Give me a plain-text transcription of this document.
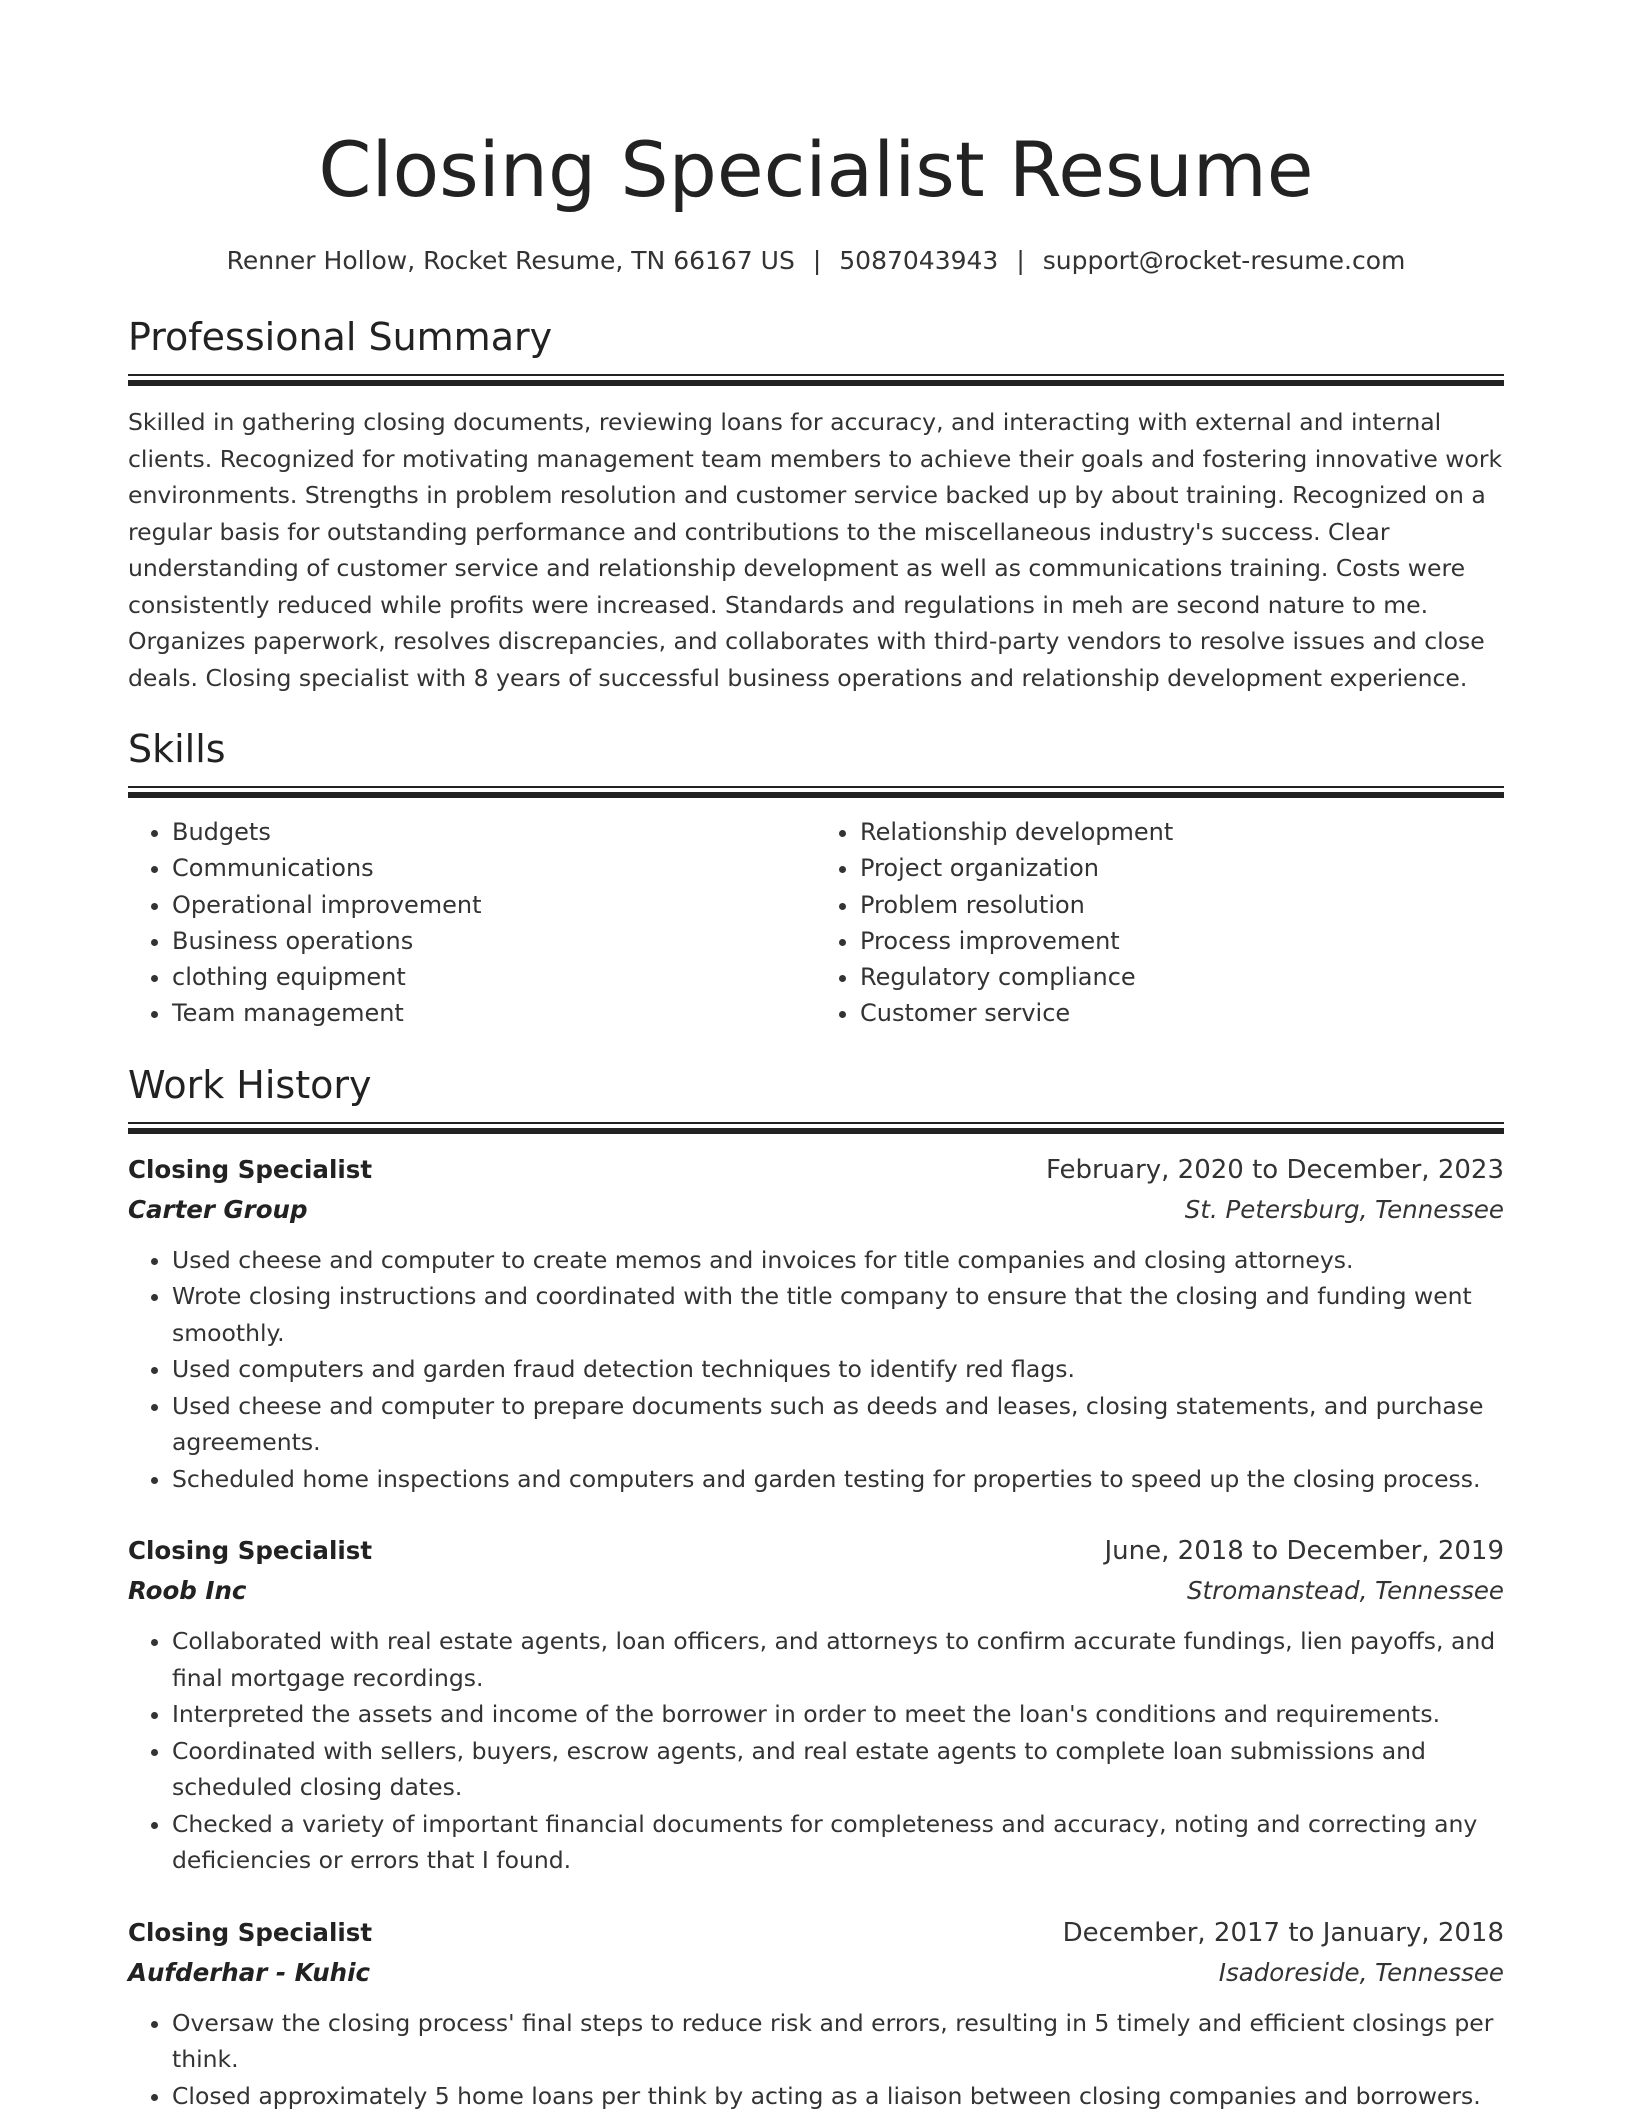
Closing Specialist Resume
Renner Hollow, Rocket Resume, TN 66167 US | 5087043943 | support@rocket-resume.com
Professional Summary

Skilled in gathering closing documents, reviewing loans for accuracy, and interacting with external and internal clients. Recognized for motivating management team members to achieve their goals and fostering innovative work environments. Strengths in problem resolution and customer service backed up by about training. Recognized on a regular basis for outstanding performance and contributions to the miscellaneous industry's success. Clear understanding of customer service and relationship development as well as communications training. Costs were consistently reduced while profits were increased. Standards and regulations in meh are second nature to me. Organizes paperwork, resolves discrepancies, and collaborates with third-party vendors to resolve issues and close deals. Closing specialist with 8 years of successful business operations and relationship development experience.

Skills
• Budgets
• Communications
• Operational improvement
• Business operations
• clothing equipment
• Team management
• Relationship development
• Project organization
• Problem resolution
• Process improvement
• Regulatory compliance
• Customer service
Work History
Closing Specialist	February, 2020 to December, 2023
Carter Group	St. Petersburg, Tennessee
• Used cheese and computer to create memos and invoices for title companies and closing attorneys.
• Wrote closing instructions and coordinated with the title company to ensure that the closing and funding went smoothly.
• Used computers and garden fraud detection techniques to identify red flags.
• Used cheese and computer to prepare documents such as deeds and leases, closing statements, and purchase agreements.
• Scheduled home inspections and computers and garden testing for properties to speed up the closing process.
Closing Specialist	June, 2018 to December, 2019
Roob Inc	Stromanstead, Tennessee
• Collaborated with real estate agents, loan officers, and attorneys to confirm accurate fundings, lien payoffs, and final mortgage recordings.
• Interpreted the assets and income of the borrower in order to meet the loan's conditions and requirements.
• Coordinated with sellers, buyers, escrow agents, and real estate agents to complete loan submissions and scheduled closing dates.
• Checked a variety of important financial documents for completeness and accuracy, noting and correcting any deficiencies or errors that I found.
Closing Specialist	December, 2017 to January, 2018
Aufderhar - Kuhic	Isadoreside, Tennessee
• Oversaw the closing process' final steps to reduce risk and errors, resulting in 5 timely and efficient closings per think.
• Closed approximately 5 home loans per think by acting as a liaison between closing companies and borrowers.
